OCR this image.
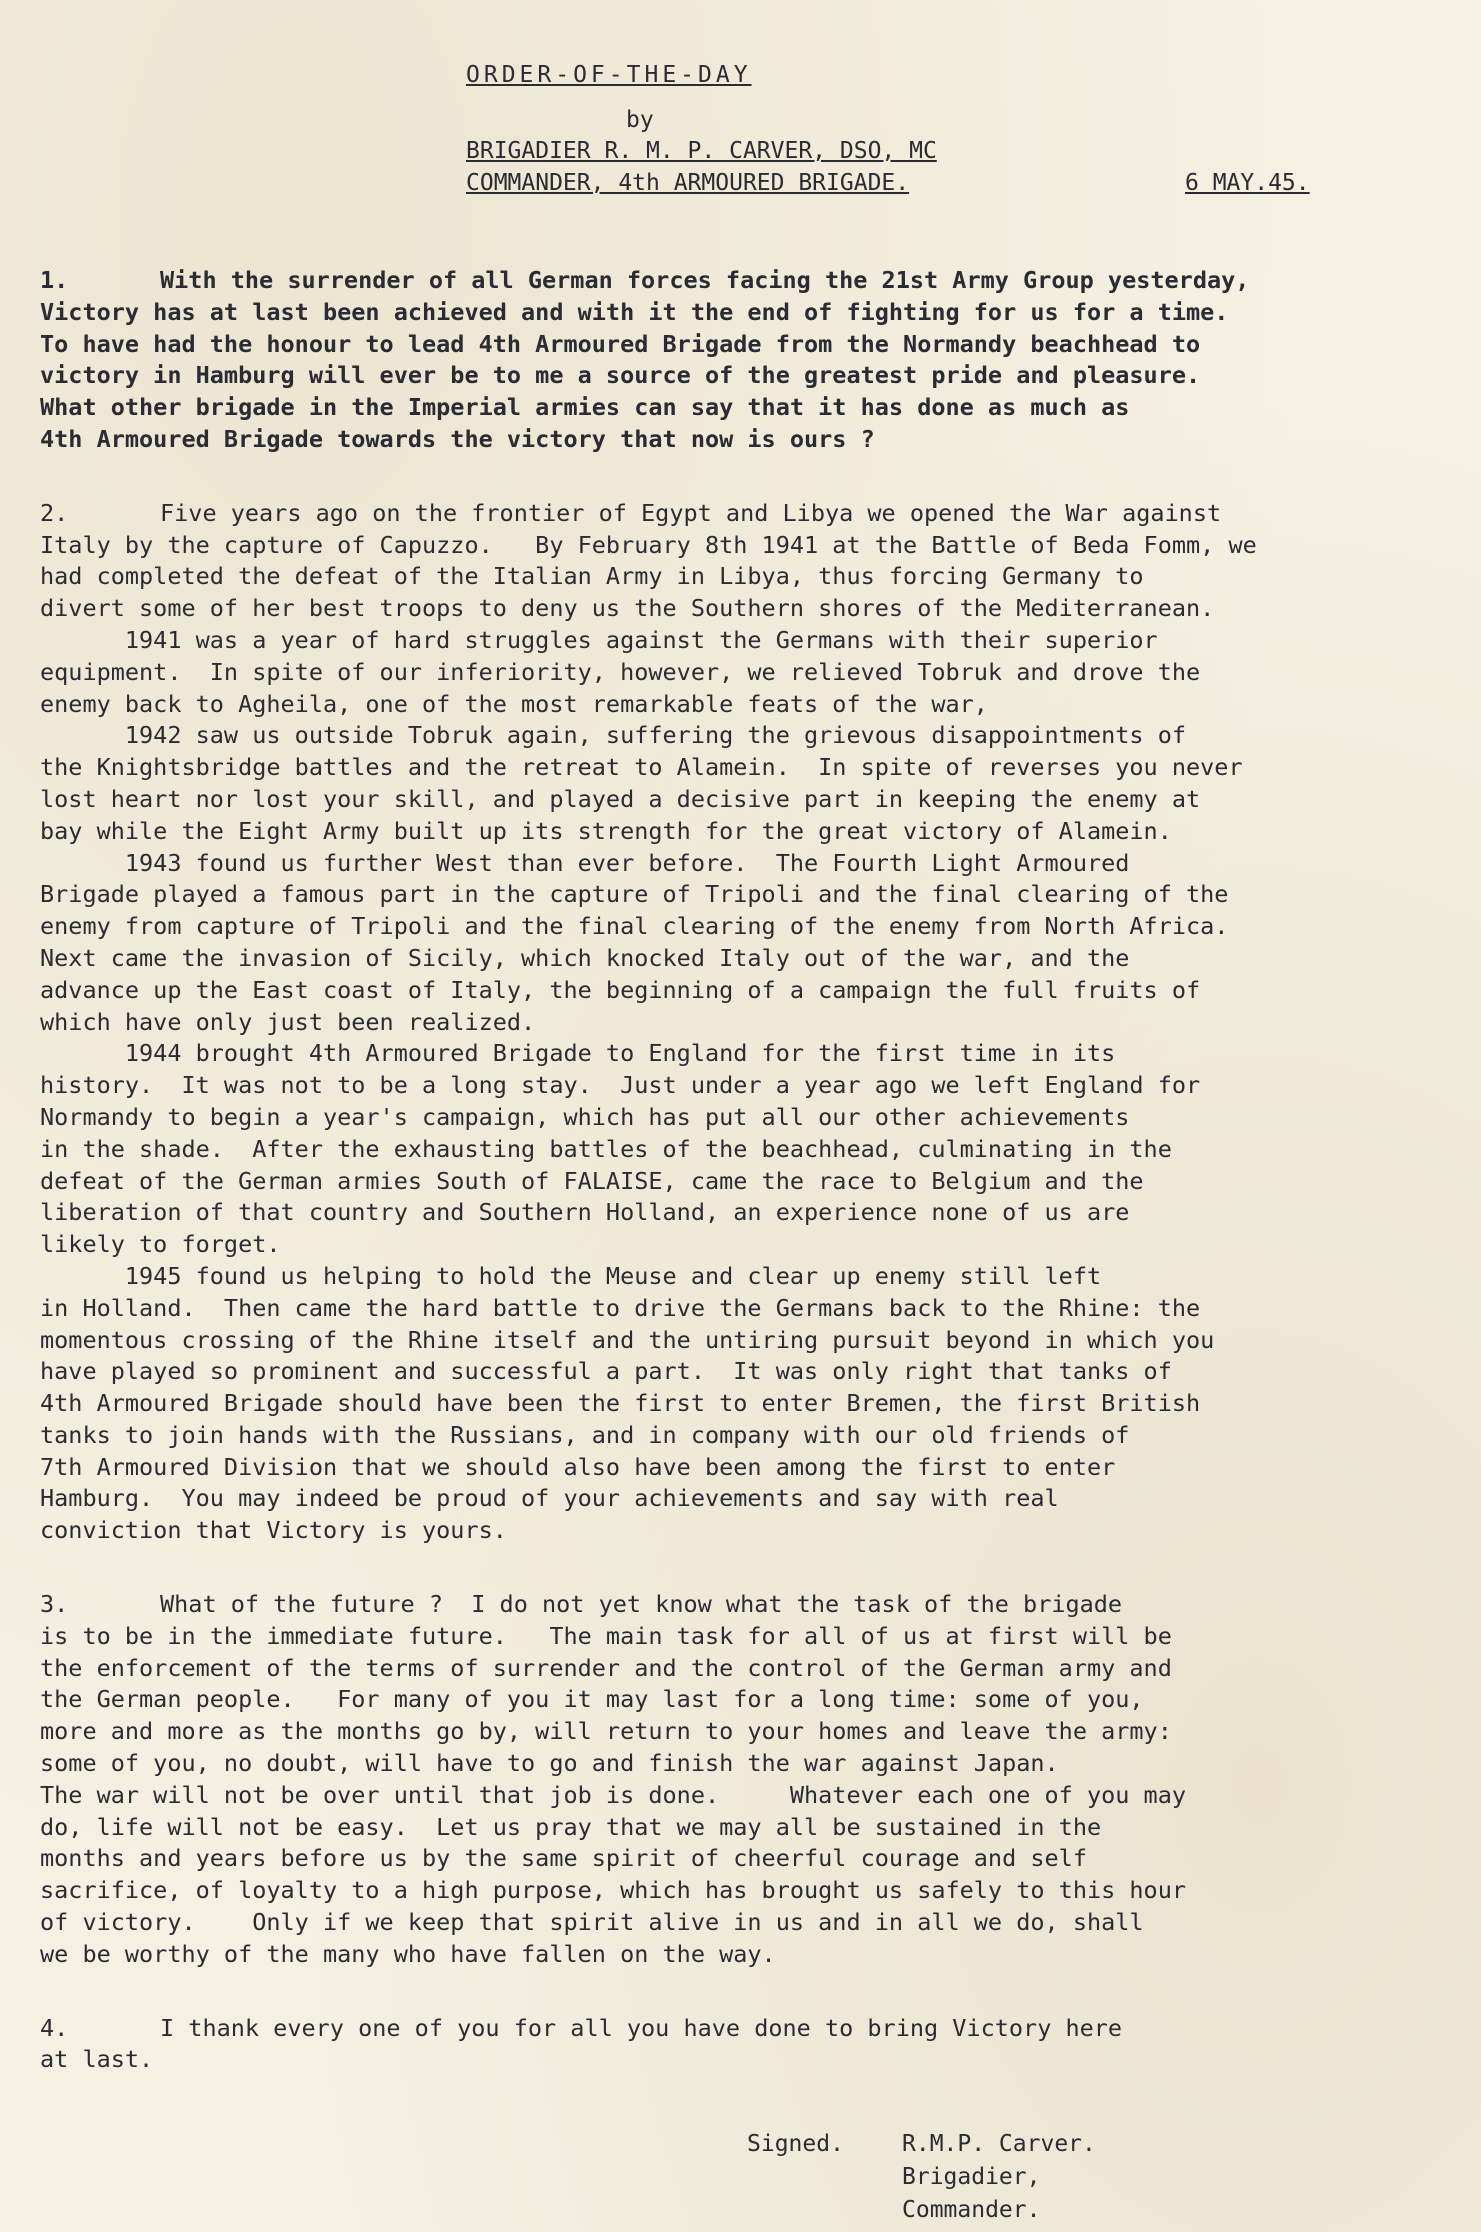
ORDER-OF-THE-DAY
by
BRIGADIER R. M. P. CARVER, DSO, MC
COMMANDER, 4th ARMOURED BRIGADE.	6 MAY.45.
1.	With the surrender of all German forces facing the 21st Army Group yesterday,
Victory has at last been achieved and with it the end of fighting for us for a time.
To have had the honour to lead 4th Armoured Brigade from the Normandy beachhead to
victory in Hamburg will ever be to me a source of the greatest pride and pleasure.
What other brigade in the Imperial armies can say that it has done as much as
4th Armoured Brigade towards the victory that now is ours ?
2.	Five years ago on the frontier of Egypt and Libya we opened the War against
Italy by the capture of Capuzzo.   By February 8th 1941 at the Battle of Beda Fomm, we
had completed the defeat of the Italian Army in Libya, thus forcing Germany to
divert some of her best troops to deny us the Southern shores of the Mediterranean.
1941 was a year of hard struggles against the Germans with their superior
equipment.  In spite of our inferiority, however, we relieved Tobruk and drove the
enemy back to Agheila, one of the most remarkable feats of the war,
1942 saw us outside Tobruk again, suffering the grievous disappointments of
the Knightsbridge battles and the retreat to Alamein.  In spite of reverses you never
lost heart nor lost your skill, and played a decisive part in keeping the enemy at
bay while the Eight Army built up its strength for the great victory of Alamein.
1943 found us further West than ever before.  The Fourth Light Armoured
Brigade played a famous part in the capture of Tripoli and the final clearing of the
enemy from capture of Tripoli and the final clearing of the enemy from North Africa.
Next came the invasion of Sicily, which knocked Italy out of the war, and the
advance up the East coast of Italy, the beginning of a campaign the full fruits of
which have only just been realized.
1944 brought 4th Armoured Brigade to England for the first time in its
history.  It was not to be a long stay.  Just under a year ago we left England for
Normandy to begin a year's campaign, which has put all our other achievements
in the shade.  After the exhausting battles of the beachhead, culminating in the
defeat of the German armies South of FALAISE, came the race to Belgium and the
liberation of that country and Southern Holland, an experience none of us are
likely to forget.
1945 found us helping to hold the Meuse and clear up enemy still left
in Holland.  Then came the hard battle to drive the Germans back to the Rhine: the
momentous crossing of the Rhine itself and the untiring pursuit beyond in which you
have played so prominent and successful a part.  It was only right that tanks of
4th Armoured Brigade should have been the first to enter Bremen, the first British
tanks to join hands with the Russians, and in company with our old friends of
7th Armoured Division that we should also have been among the first to enter
Hamburg.  You may indeed be proud of your achievements and say with real
conviction that Victory is yours.
3.	What of the future ?  I do not yet know what the task of the brigade
is to be in the immediate future.   The main task for all of us at first will be
the enforcement of the terms of surrender and the control of the German army and
the German people.   For many of you it may last for a long time: some of you,
more and more as the months go by, will return to your homes and leave the army:
some of you, no doubt, will have to go and finish the war against Japan.
The war will not be over until that job is done.     Whatever each one of you may
do, life will not be easy.  Let us pray that we may all be sustained in the
months and years before us by the same spirit of cheerful courage and self
sacrifice, of loyalty to a high purpose, which has brought us safely to this hour
of victory.    Only if we keep that spirit alive in us and in all we do, shall
we be worthy of the many who have fallen on the way.
4.	I thank every one of you for all you have done to bring Victory here
at last.
Signed.	R.M.P. Carver.
Brigadier,
Commander.
